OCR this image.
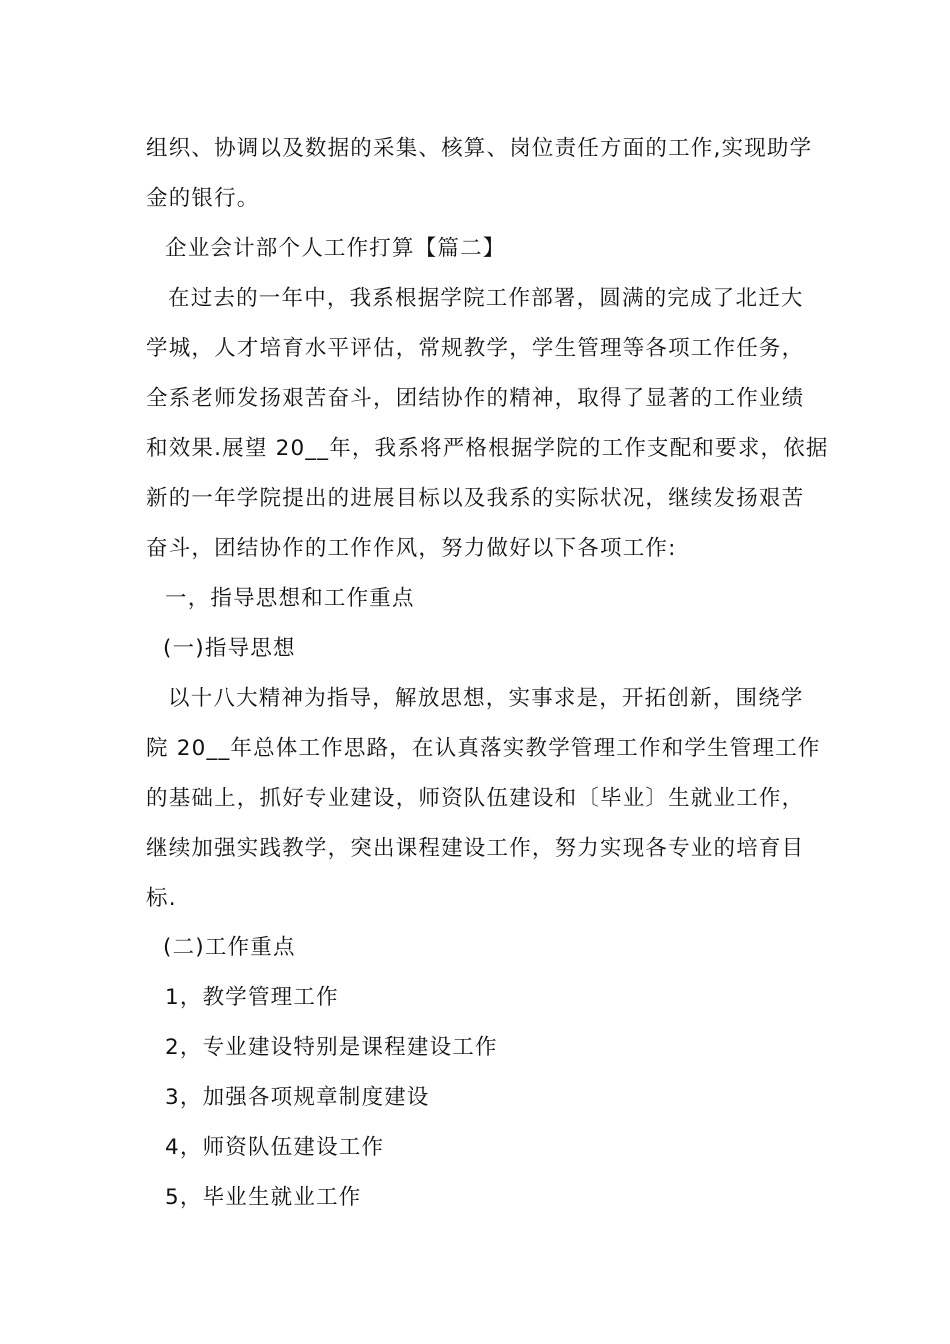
组织、协调以及数据的采集、核算、岗位责任方面的工作,实现助学
金的银行。
企业会计部个人工作打算【篇二】
在过去的一年中，我系根据学院工作部署，圆满的完成了北迁大
学城，人才培育水平评估，常规教学，学生管理等各项工作任务，
全系老师发扬艰苦奋斗，团结协作的精神，取得了显著的工作业绩
和效果.展望 20__年，我系将严格根据学院的工作支配和要求，依据
新的一年学院提出的进展目标以及我系的实际状况，继续发扬艰苦
奋斗，团结协作的工作作风，努力做好以下各项工作:
一，指导思想和工作重点
(一)指导思想
以十八大精神为指导，解放思想，实事求是，开拓创新，围绕学
院 20__年总体工作思路，在认真落实教学管理工作和学生管理工作
的基础上，抓好专业建设，师资队伍建设和〔毕业〕生就业工作，
继续加强实践教学，突出课程建设工作，努力实现各专业的培育目
标.
(二)工作重点
1，教学管理工作
2，专业建设特别是课程建设工作
3，加强各项规章制度建设
4，师资队伍建设工作
5，毕业生就业工作
